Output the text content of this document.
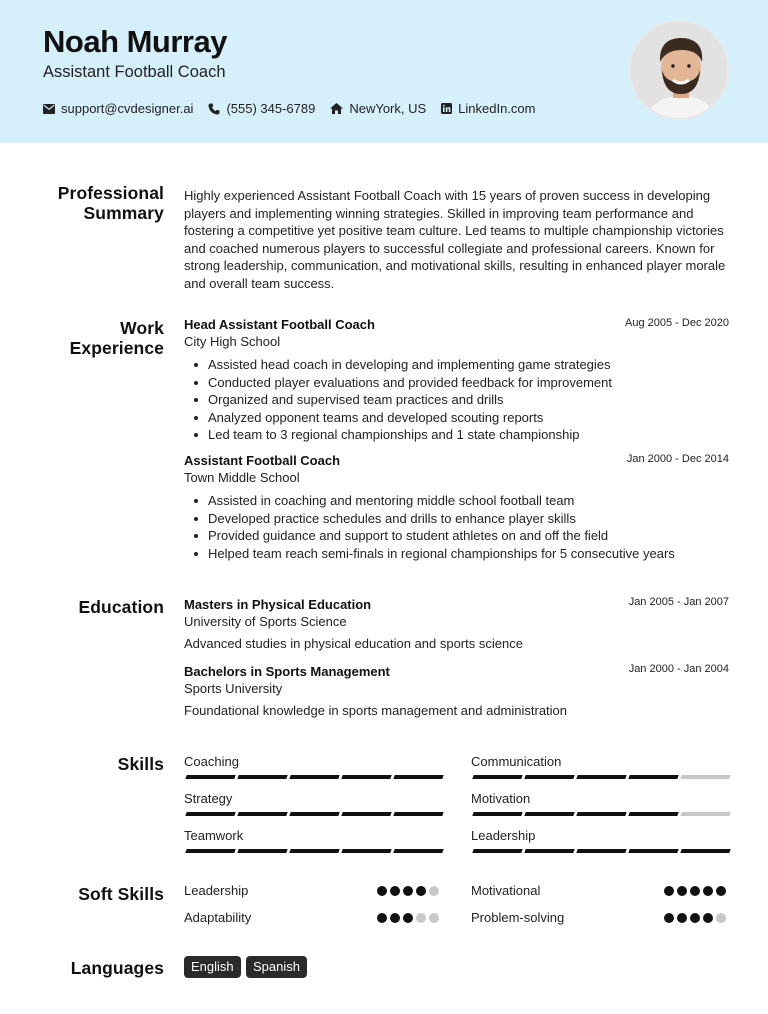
Noah Murray
Assistant Football Coach
support@cvdesigner.ai	(555) 345-6789	NewYork, US LinkedIn.com
Professional
Summary
Highly experienced Assistant Football Coach with 15 years of proven success in developing players and implementing winning strategies. Skilled in improving team performance and fostering a competitive yet positive team culture. Led teams to multiple championship victories and coached numerous players to successful collegiate and professional careers. Known for strong leadership, communication, and motivational skills, resulting in enhanced player morale and overall team success.
Work
Experience
Head Assistant Football Coach	Aug 2005 - Dec 2020
City High School
Assisted head coach in developing and implementing game strategies
Conducted player evaluations and provided feedback for improvement
Organized and supervised team practices and drills
Analyzed opponent teams and developed scouting reports
Led team to 3 regional championships and 1 state championship
Assistant Football Coach	Jan 2000 - Dec 2014
Town Middle School
Assisted in coaching and mentoring middle school football team
Developed practice schedules and drills to enhance player skills
Provided guidance and support to student athletes on and off the field
Helped team reach semi-finals in regional championships for 5 consecutive years
Education Masters in Physical Education	Jan 2005 - Jan 2007
University of Sports Science
Advanced studies in physical education and sports science
Bachelors in Sports Management	Jan 2000 - Jan 2004
Sports University
Foundational knowledge in sports management and administration
Skills Coaching	Communication
Strategy	Motivation
Teamwork	Leadership
Soft Skills Leadership	Motivational
Adaptability	Problem-solving
Languages	English	Spanish
